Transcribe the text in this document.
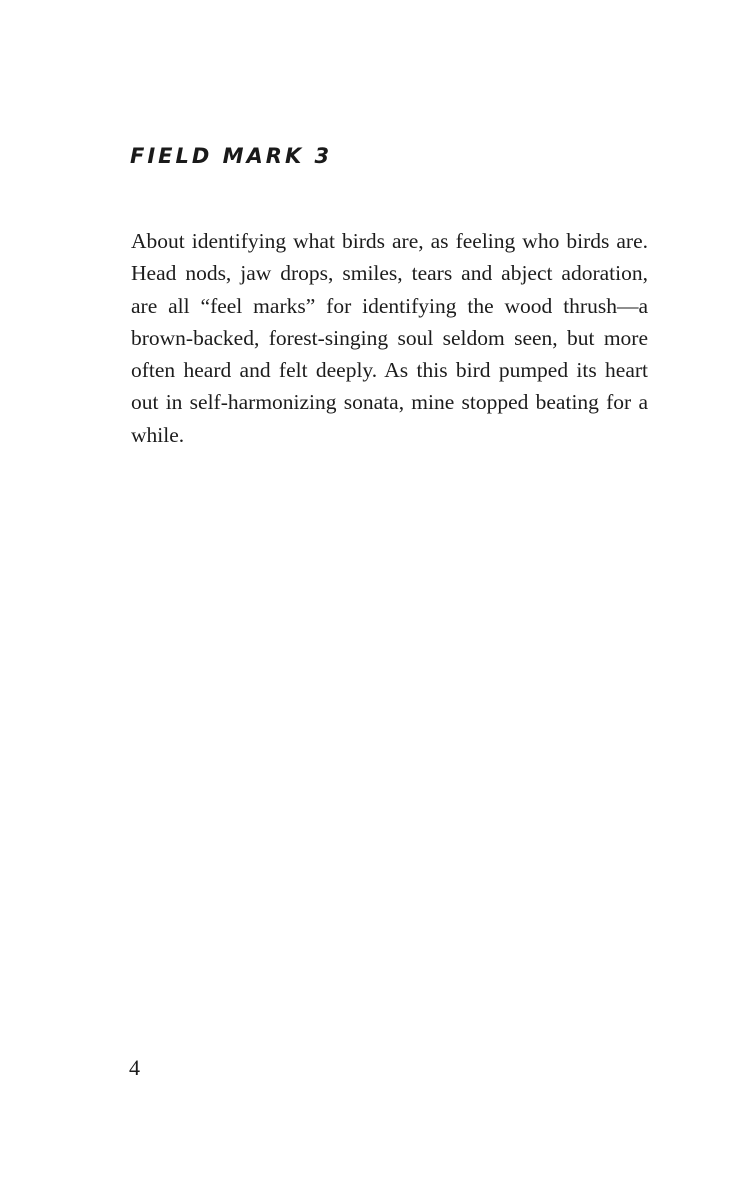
FIELD MARK 3

About identifying what birds are, as feeling who birds are. Head nods, jaw drops, smiles, tears and abject adoration, are all “feel marks” for identifying the wood thrush—a brown-backed, forest-singing soul seldom seen, but more often heard and felt deeply. As this bird pumped its heart out in self-harmonizing sonata, mine stopped beating for a while.

4
